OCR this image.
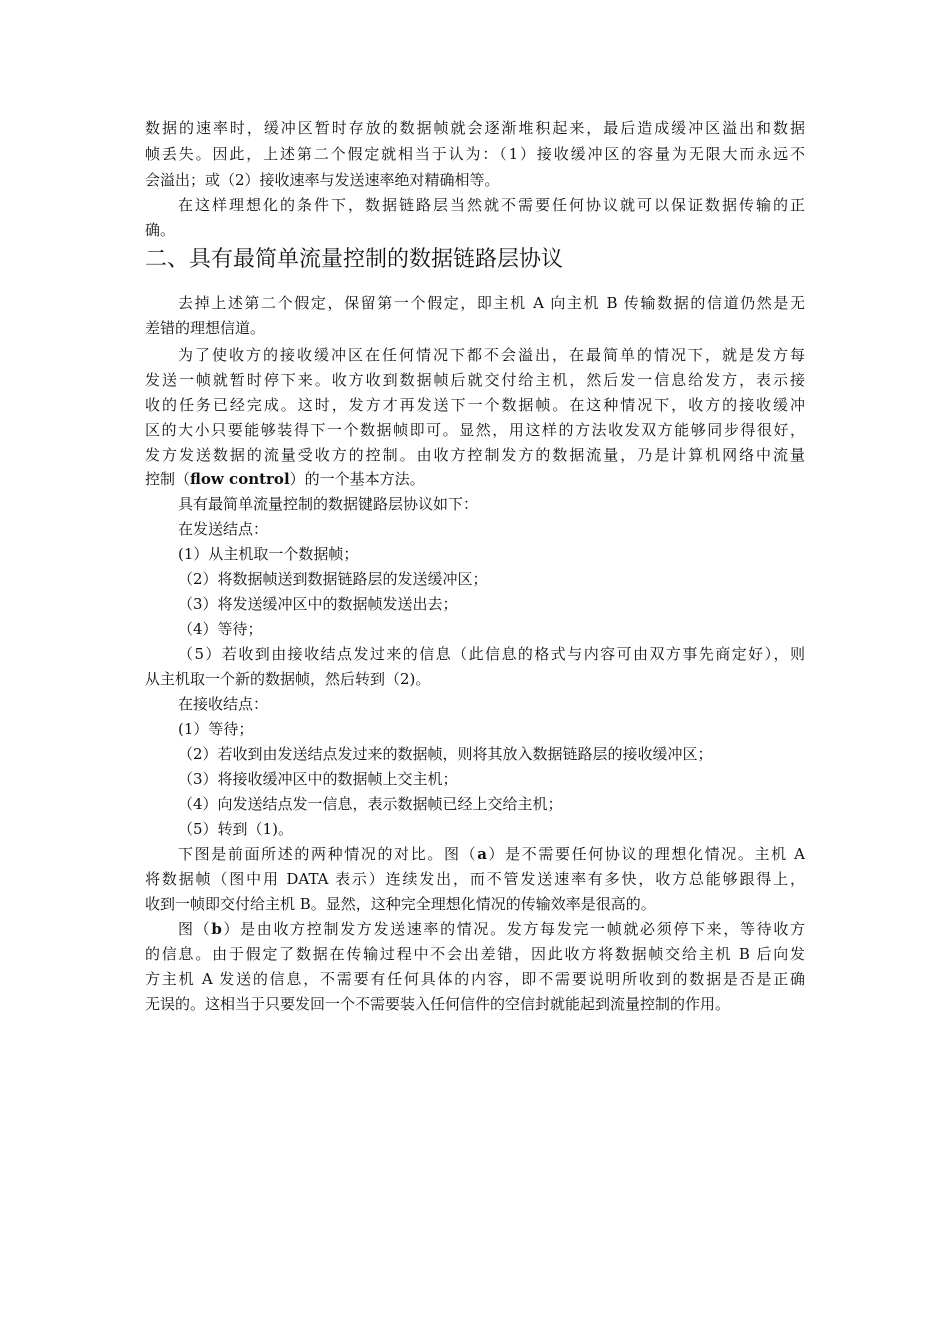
数据的速率时，缓冲区暂时存放的数据帧就会逐渐堆积起来，最后造成缓冲区溢出和数据
帧丢失。因此，上述第二个假定就相当于认为：（1）接收缓冲区的容量为无限大而永远不
会溢出；或（2）接收速率与发送速率绝对精确相等。
在这样理想化的条件下，数据链路层当然就不需要任何协议就可以保证数据传输的正
确。
二、具有最简单流量控制的数据链路层协议
去掉上述第二个假定，保留第一个假定，即主机 A 向主机 B 传输数据的信道仍然是无
差错的理想信道。
为了使收方的接收缓冲区在任何情况下都不会溢出，在最简单的情况下，就是发方每
发送一帧就暂时停下来。收方收到数据帧后就交付给主机，然后发一信息给发方，表示接
收的任务已经完成。这时，发方才再发送下一个数据帧。在这种情况下，收方的接收缓冲
区的大小只要能够装得下一个数据帧即可。显然，用这样的方法收发双方能够同步得很好，
发方发送数据的流量受收方的控制。由收方控制发方的数据流量，乃是计算机网络中流量
控制（flow control）的一个基本方法。
具有最简单流量控制的数据键路层协议如下：
在发送结点：
(1）从主机取一个数据帧；
（2）将数据帧送到数据链路层的发送缓冲区；
（3）将发送缓冲区中的数据帧发送出去；
（4）等待；
（5）若收到由接收结点发过来的信息（此信息的格式与内容可由双方事先商定好），则
从主机取一个新的数据帧，然后转到（2)。
在接收结点：
(1）等待；
（2）若收到由发送结点发过来的数据帧，则将其放入数据链路层的接收缓冲区；
（3）将接收缓冲区中的数据帧上交主机；
（4）向发送结点发一信息，表示数据帧已经上交给主机；
（5）转到（1)。
下图是前面所述的两种情况的对比。图（a）是不需要任何协议的理想化情况。主机 A
将数据帧（图中用 DATA 表示）连续发出，而不管发送速率有多快，收方总能够跟得上，
收到一帧即交付给主机 B。显然，这种完全理想化情况的传输效率是很高的。
图（b）是由收方控制发方发送速率的情况。发方每发完一帧就必须停下来，等待收方
的信息。由于假定了数据在传输过程中不会出差错，因此收方将数据帧交给主机 B 后向发
方主机 A 发送的信息，不需要有任何具体的内容，即不需要说明所收到的数据是否是正确
无误的。这相当于只要发回一个不需要装入任何信件的空信封就能起到流量控制的作用。
